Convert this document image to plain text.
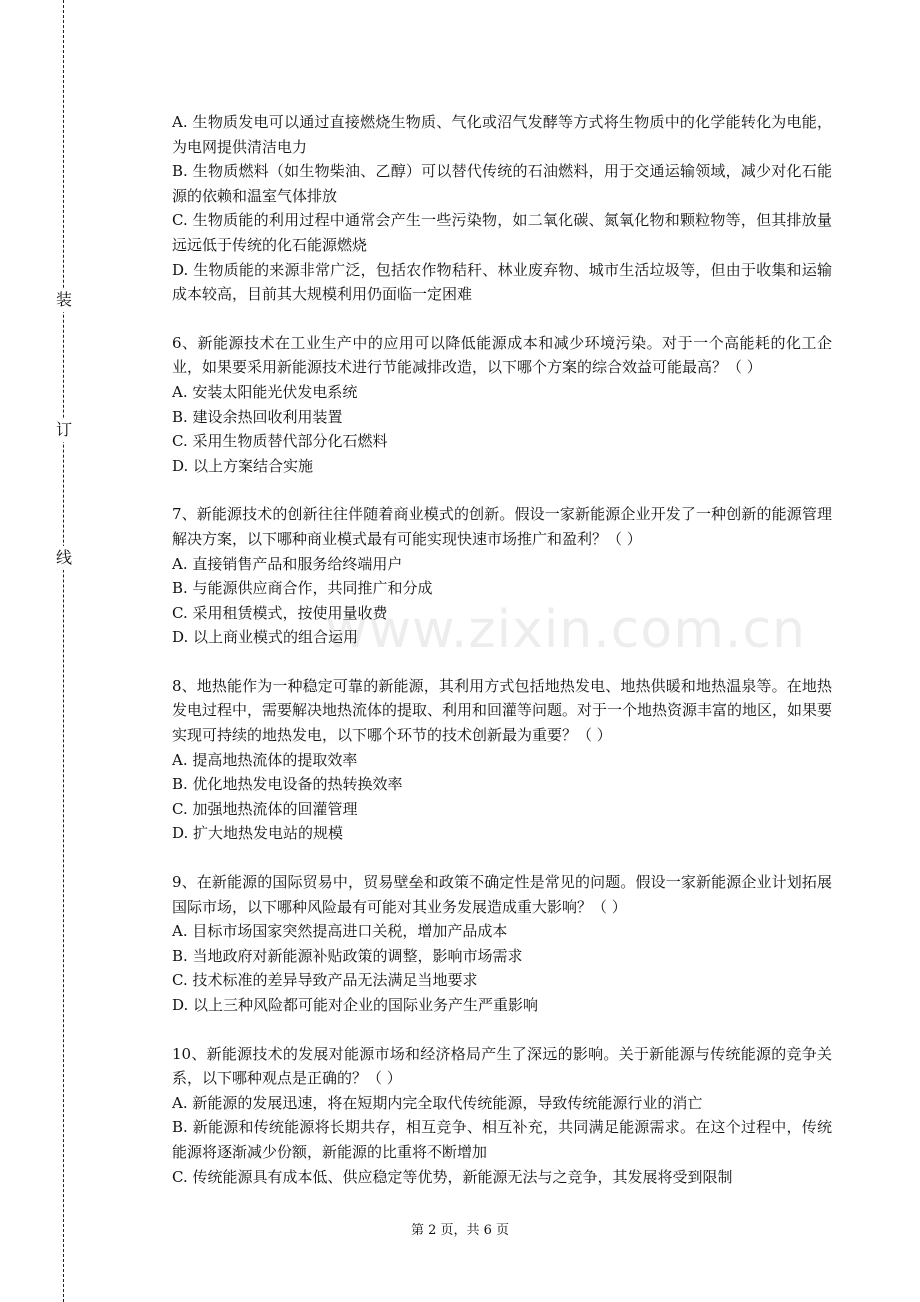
装
订
线
www.zixin.com.cn
A. 生物质发电可以通过直接燃烧生物质、气化或沼气发酵等方式将生物质中的化学能转化为电能，为电网提供清洁电力
B. 生物质燃料（如生物柴油、乙醇）可以替代传统的石油燃料，用于交通运输领域，减少对化石能源的依赖和温室气体排放
C. 生物质能的利用过程中通常会产生一些污染物，如二氧化碳、氮氧化物和颗粒物等，但其排放量远远低于传统的化石能源燃烧
D. 生物质能的来源非常广泛，包括农作物秸秆、林业废弃物、城市生活垃圾等，但由于收集和运输成本较高，目前其大规模利用仍面临一定困难
6、新能源技术在工业生产中的应用可以降低能源成本和减少环境污染。对于一个高能耗的化工企业，如果要采用新能源技术进行节能减排改造，以下哪个方案的综合效益可能最高？（ ）
A. 安装太阳能光伏发电系统
B. 建设余热回收利用装置
C. 采用生物质替代部分化石燃料
D. 以上方案结合实施
7、新能源技术的创新往往伴随着商业模式的创新。假设一家新能源企业开发了一种创新的能源管理解决方案，以下哪种商业模式最有可能实现快速市场推广和盈利？（ ）
A. 直接销售产品和服务给终端用户
B. 与能源供应商合作，共同推广和分成
C. 采用租赁模式，按使用量收费
D. 以上商业模式的组合运用
8、地热能作为一种稳定可靠的新能源，其利用方式包括地热发电、地热供暖和地热温泉等。在地热发电过程中，需要解决地热流体的提取、利用和回灌等问题。对于一个地热资源丰富的地区，如果要实现可持续的地热发电，以下哪个环节的技术创新最为重要？（ ）
A. 提高地热流体的提取效率
B. 优化地热发电设备的热转换效率
C. 加强地热流体的回灌管理
D. 扩大地热发电站的规模
9、在新能源的国际贸易中，贸易壁垒和政策不确定性是常见的问题。假设一家新能源企业计划拓展国际市场，以下哪种风险最有可能对其业务发展造成重大影响？（ ）
A. 目标市场国家突然提高进口关税，增加产品成本
B. 当地政府对新能源补贴政策的调整，影响市场需求
C. 技术标准的差异导致产品无法满足当地要求
D. 以上三种风险都可能对企业的国际业务产生严重影响
10、新能源技术的发展对能源市场和经济格局产生了深远的影响。关于新能源与传统能源的竞争关系，以下哪种观点是正确的？（ ）
A. 新能源的发展迅速，将在短期内完全取代传统能源，导致传统能源行业的消亡
B. 新能源和传统能源将长期共存，相互竞争、相互补充，共同满足能源需求。在这个过程中，传统能源将逐渐减少份额，新能源的比重将不断增加
C. 传统能源具有成本低、供应稳定等优势，新能源无法与之竞争，其发展将受到限制
第 2 页，共 6 页
